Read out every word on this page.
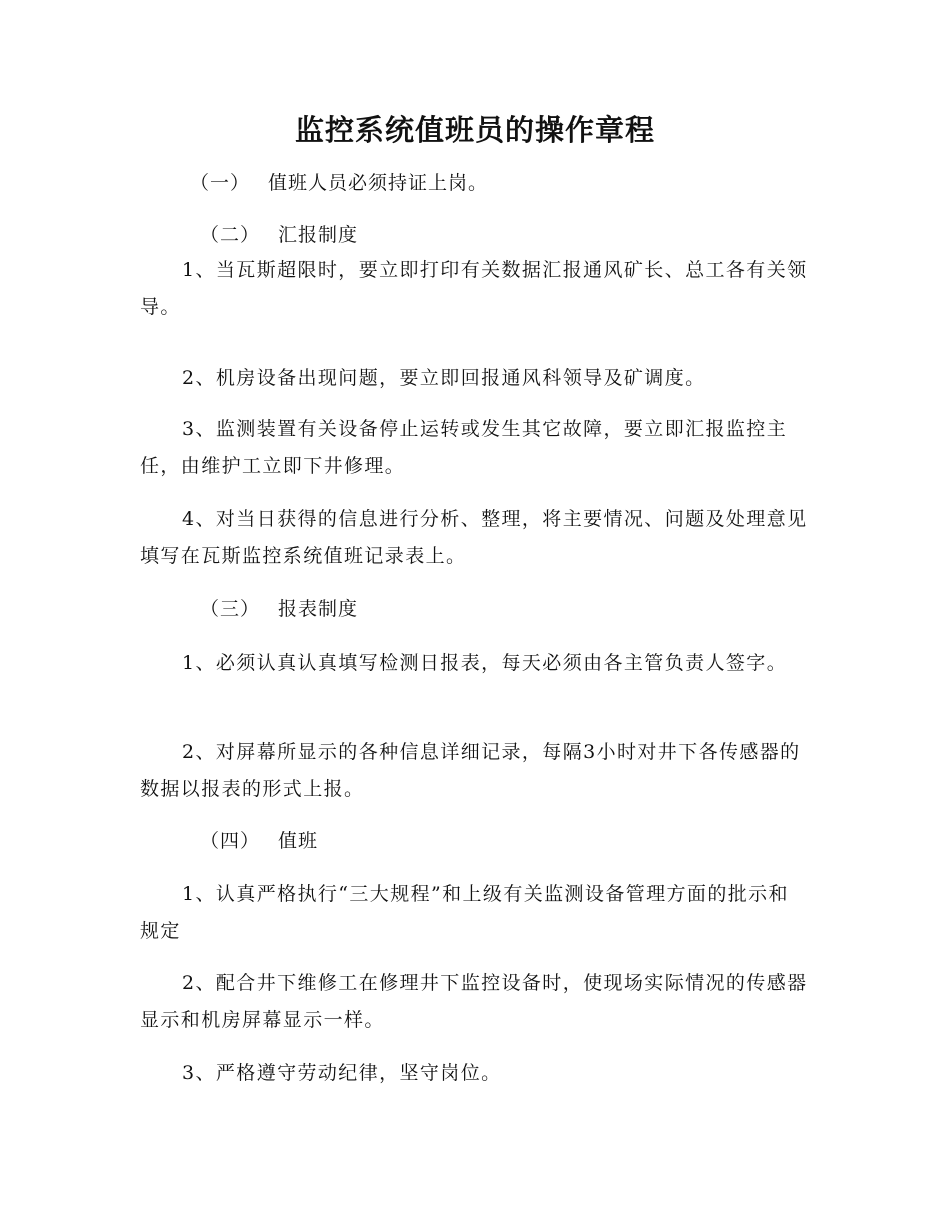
监控系统值班员的操作章程
（一） 值班人员必须持证上岗。
（二） 汇报制度

1、当瓦斯超限时，要立即打印有关数据汇报通风矿长、总工各有关领导。

2、机房设备出现问题，要立即回报通风科领导及矿调度。

3、监测装置有关设备停止运转或发生其它故障，要立即汇报监控主任，由维护工立即下井修理。

4、对当日获得的信息进行分析、整理，将主要情况、问题及处理意见填写在瓦斯监控系统值班记录表上。

（三） 报表制度

1、必须认真认真填写检测日报表，每天必须由各主管负责人签字。

2、对屏幕所显示的各种信息详细记录，每隔3小时对井下各传感器的数据以报表的形式上报。

（四） 值班

1、认真严格执行“三大规程”和上级有关监测设备管理方面的批示和规定

2、配合井下维修工在修理井下监控设备时，使现场实际情况的传感器显示和机房屏幕显示一样。

3、严格遵守劳动纪律，坚守岗位。
